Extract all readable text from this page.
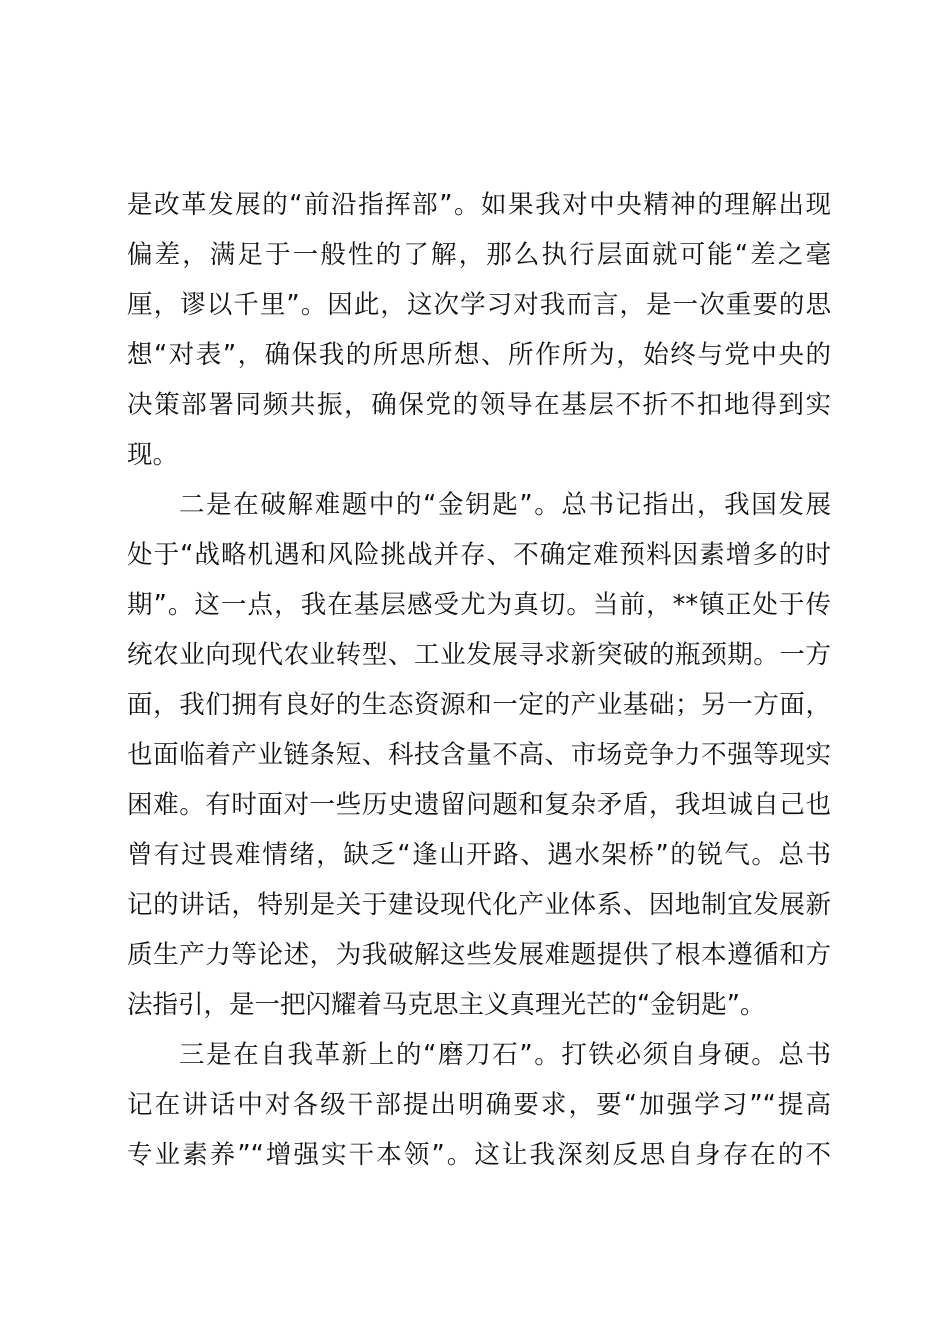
是改革发展的“前沿指挥部”。如果我对中央精神的理解出现
偏差，满足于一般性的了解，那么执行层面就可能“差之毫
厘，谬以千里”。因此，这次学习对我而言，是一次重要的思
想“对表”，确保我的所思所想、所作所为，始终与党中央的
决策部署同频共振，确保党的领导在基层不折不扣地得到实
现。
二是在破解难题中的“金钥匙”。总书记指出，我国发展
处于“战略机遇和风险挑战并存、不确定难预料因素增多的时
期”。这一点，我在基层感受尤为真切。当前，**镇正处于传
统农业向现代农业转型、工业发展寻求新突破的瓶颈期。一方
面，我们拥有良好的生态资源和一定的产业基础；另一方面，
也面临着产业链条短、科技含量不高、市场竞争力不强等现实
困难。有时面对一些历史遗留问题和复杂矛盾，我坦诚自己也
曾有过畏难情绪，缺乏“逢山开路、遇水架桥”的锐气。总书
记的讲话，特别是关于建设现代化产业体系、因地制宜发展新
质生产力等论述，为我破解这些发展难题提供了根本遵循和方
法指引，是一把闪耀着马克思主义真理光芒的“金钥匙”。
三是在自我革新上的“磨刀石”。打铁必须自身硬。总书
记在讲话中对各级干部提出明确要求，要“加强学习”“提高
专业素养”“增强实干本领”。这让我深刻反思自身存在的不
